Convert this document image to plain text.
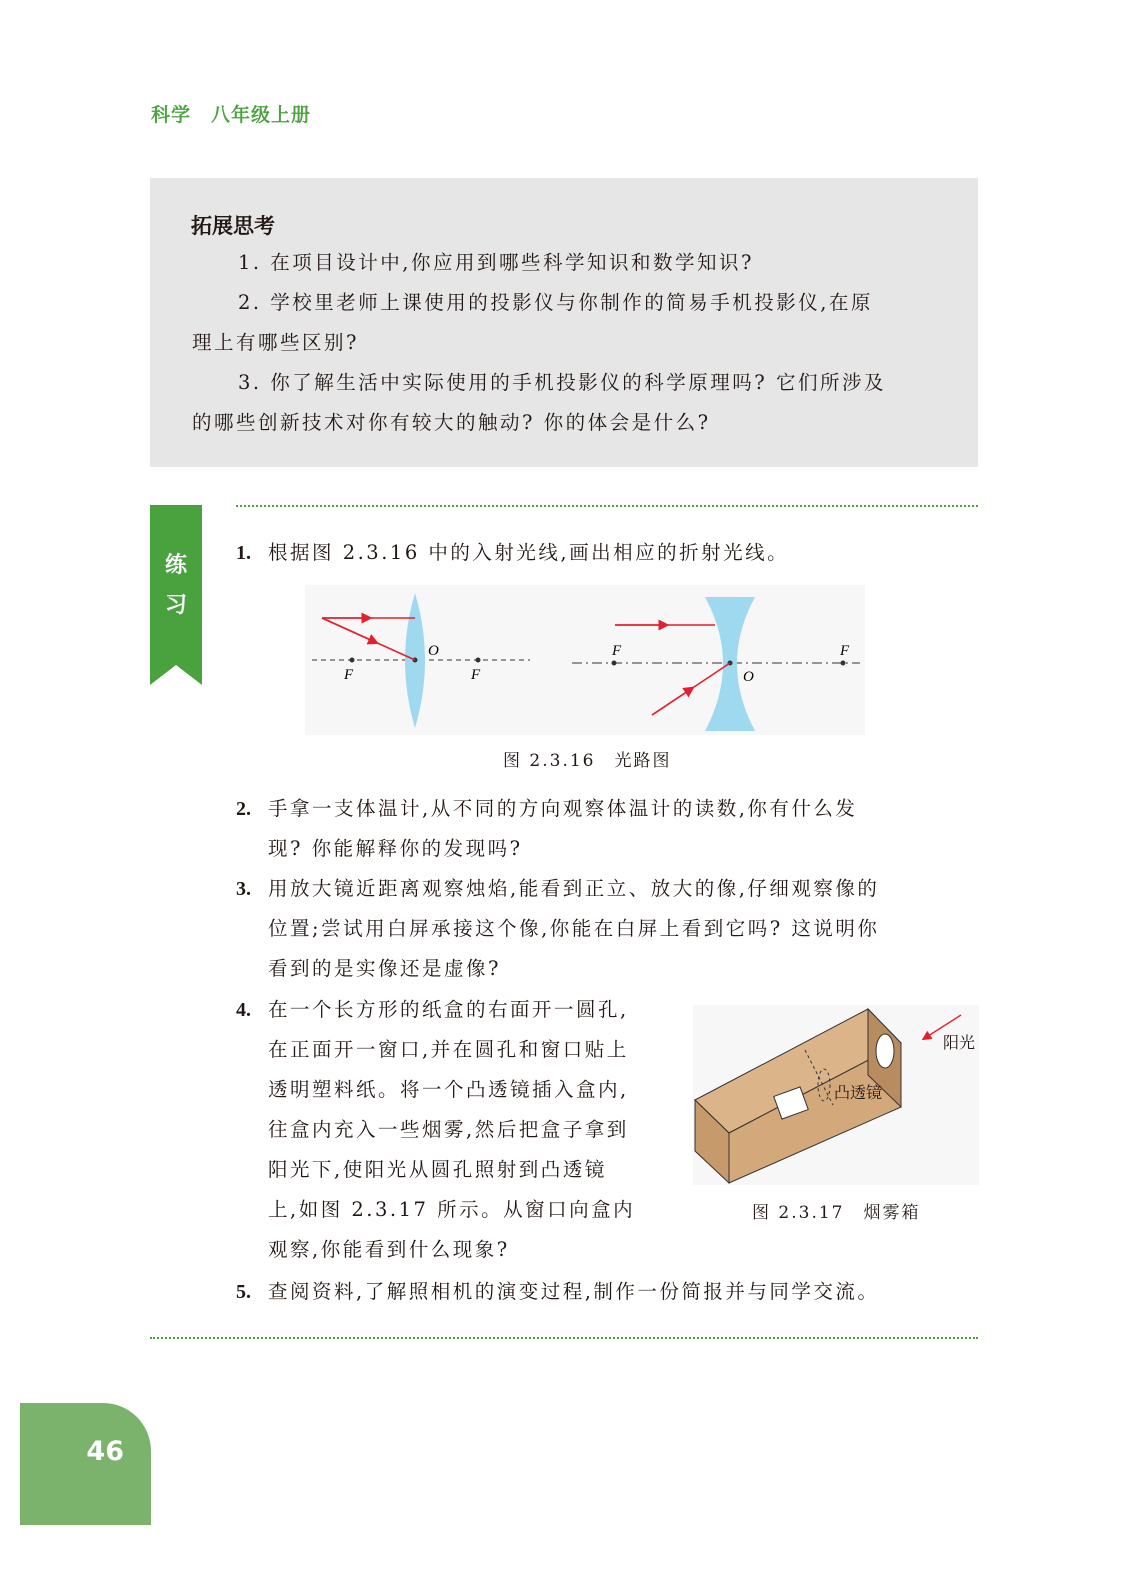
科学 八年级上册
拓展思考
1. 在项目设计中,你应用到哪些科学知识和数学知识?
2. 学校里老师上课使用的投影仪与你制作的简易手机投影仪,在原
理上有哪些区别?
3. 你了解生活中实际使用的手机投影仪的科学原理吗? 它们所涉及
的哪些创新技术对你有较大的触动? 你的体会是什么?
练
习
1. 根据图 2.3.16 中的入射光线,画出相应的折射光线。
O
F	F
F	F
O
图 2.3.16　光路图
2. 手拿一支体温计,从不同的方向观察体温计的读数,你有什么发
现? 你能解释你的发现吗?
3. 用放大镜近距离观察烛焰,能看到正立、放大的像,仔细观察像的
位置;尝试用白屏承接这个像,你能在白屏上看到它吗? 这说明你
看到的是实像还是虚像?
4. 在一个长方形的纸盒的右面开一圆孔,
在正面开一窗口,并在圆孔和窗口贴上
透明塑料纸。将一个凸透镜插入盒内,
往盒内充入一些烟雾,然后把盒子拿到
阳光下,使阳光从圆孔照射到凸透镜
上,如图 2.3.17 所示。从窗口向盒内
观察,你能看到什么现象?
阳光
凸透镜
图 2.3.17　烟雾箱
5. 查阅资料,了解照相机的演变过程,制作一份简报并与同学交流。
46
